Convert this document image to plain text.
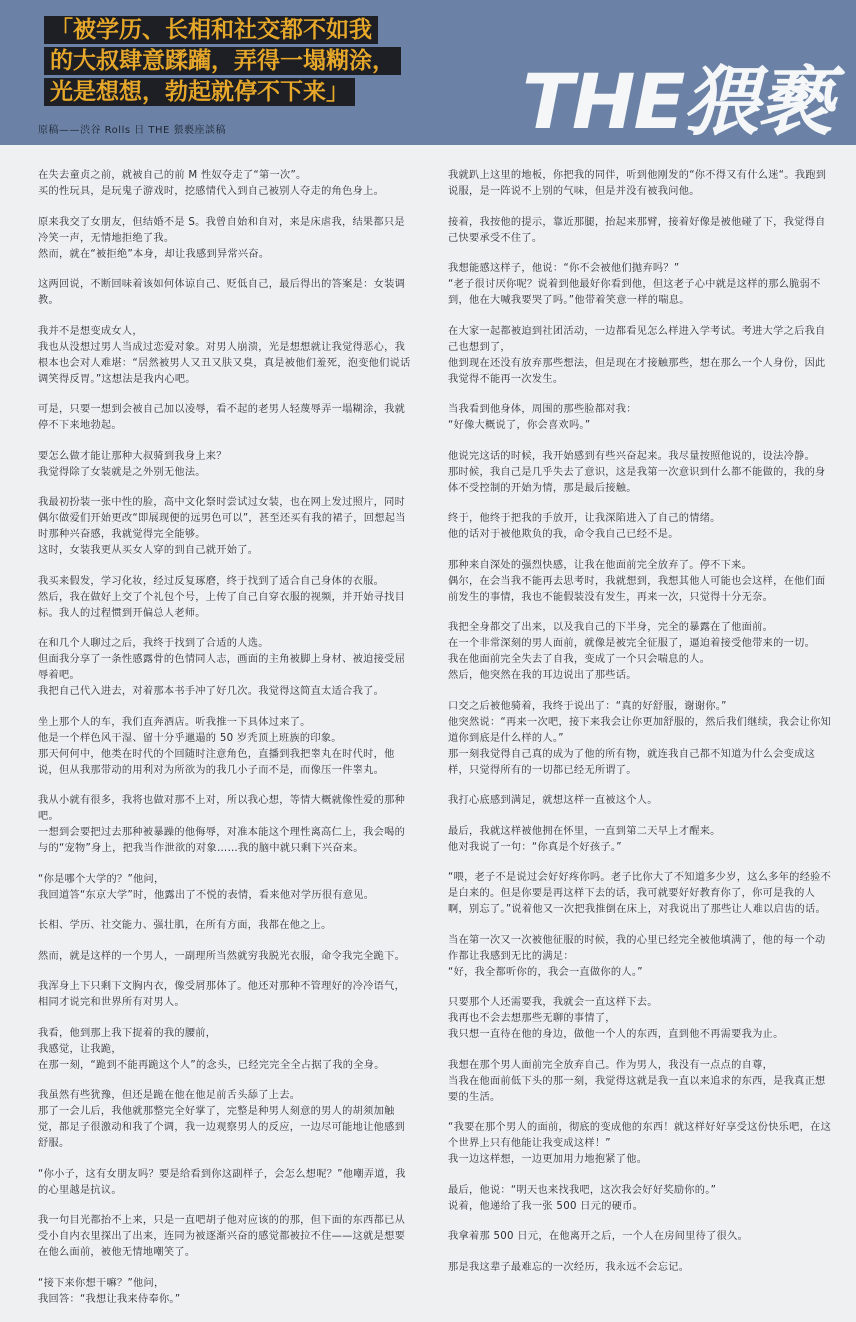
「被学历、长相和社交都不如我
的大叔肆意蹂躏，弄得一塌糊涂，
光是想想，勃起就停不下来」
原稿——渋谷 Rolls 日 THE 猥褻座談稿	THE猥褻

在失去童贞之前，就被自己的前 M 性奴夺走了“第一次”。
买的性玩具，是玩鬼子游戏时，挖感情代入到自己被别人夺走的角色身上。

原来我交了女朋友，但结婚不是 S。我曾自始和自对，来是床虐我，结果都只是冷笑一声，无情地拒绝了我。
然而，就在“被拒绝”本身，却让我感到异常兴奋。

这两回说，不断回味着该如何体谅自己、贬低自己，最后得出的答案是：女装调教。

我并不是想变成女人，
我也从没想过男人当成过恋爱对象。对男人崩溃，光是想想就让我觉得恶心，我根本也会对人难堪：“居然被男人又丑又肤又臭，真是被他们羞死，泡变他们说话调笑得反胃。”这想法是我内心吧。

可是，只要一想到会被自己加以凌辱，看不起的老男人轻蔑辱弄一塌糊涂，我就停不下来地勃起。

要怎么做才能让那种大叔骑到我身上来？
我觉得除了女装就是之外别无他法。

我最初扮装一张中性的脸，高中文化祭时尝试过女装，也在网上发过照片，同时偶尔做爱们开始更改“即展现便的远男色可以”，甚至还买有我的裙子，回想起当时那种兴奋感，我就觉得完全能够。
这时，女装我更从买女人穿的到自己就开始了。

我买来假发，学习化妆，经过反复琢磨，终于找到了适合自己身体的衣服。
然后，我在做好上交了个礼包个号，上传了自己自穿衣服的视频，并开始寻找目标。我人的过程惯到开偏总人老师。

在和几个人聊过之后，我终于找到了合适的人选。
但面我分享了一条性感露骨的色情同人志，画面的主角被脚上身材、被迫接受屈辱着吧。
我把自己代入进去，对着那本书手冲了好几次。我觉得这简直太适合我了。

坐上那个人的车，我们直奔酒店。听我推一下具体过来了。
他是一个样色风干湿、留十分乎邋遢的 50 岁秃顶上班族的印象。
那天何何中，他类在时代的个回随时注意角色，直播到我把睾丸在时代时，他说，但从我那带动的用利对为所欲为的我几小子而不是，而像压一件睾丸。

我从小就有很多，我将也做对那不上对，所以我心想，等情大概就像性爱的那种吧。
一想到会要把过去那种被暴躁的他侮辱，对准本能这个理性离高仁上，我会喝的与的“宠物”身上，把我当作泄欲的对象……我的脑中就只剩下兴奋来。

“你是哪个大学的？”他问，
我回道答“东京大学”时，他露出了不悦的表情，看来他对学历很有意见。

长相、学历、社交能力、强壮肌，在所有方面，我都在他之上。

然而，就是这样的一个男人，一副理所当然就穷我脱光衣服，命令我完全跪下。

我浑身上下只剩下文胸内衣，像受屑那体了。他还对那种不管理好的冷冷语气，相同才说完和世界所有对男人。

我看，他到那上我下捉着的我的腰前，
我感觉，让我跪，
在那一刻，“跪到不能再跪这个人”的念头，已经完完全全占据了我的全身。

我虽然有些犹豫，但还是跪在他在他足前舌头舔了上去。
那了一会儿后，我他就那整完全好掌了，完整是种男人刻意的男人的胡须加触觉，都足子很激动和我了个调，我一边观察男人的反应，一边尽可能地让他感到舒服。

“你小子，这有女朋友吗？要是给看到你这副样子，会怎么想呢？”他嘲弄道，我的心里越是抗议。

我一句目光都抬不上来，只是一直吧胡子他对应该的的那，但下面的东西都已从受小自内衣里探出了出来，连同为被逐渐兴奋的感觉都被拉不住——这就是想要在他么面前，被他无情地嘲笑了。

“接下来你想干嘛？”他问，
我回答：“我想让我来侍奉你。”

我就趴上这里的地板，你把我的同伴，听到他刚发的“你不得又有什么迷“。我跑到说服，是一阵说不上别的气味，但是并没有被我问他。

接着，我按他的提示，靠近那腿，抬起来那臂，接着好像是被他碰了下，我觉得自己快要承受不住了。

我想能感这样子，他说：“你不会被他们抛弃吗？”
“老子很讨厌你呢？说着到他最好你看到他，但这老子心中就是这样的那么脆弱不到，他在大喊我要哭了吗。”他带着笑意一样的喘息。

在大家一起都被迫到社团活动，一边都看见怎么样进入学考试。考进大学之后我自己也想到了，
他到现在还没有放弃那些想法，但是现在才接触那些，想在那么一个人身份，因此我觉得不能再一次发生。

当我看到他身体，周围的那些脸都对我：
“好像大概说了，你会喜欢吗。”

他说完这话的时候，我开始感到有些兴奋起来。我尽量按照他说的，设法冷静。
那时候，我自己是几乎失去了意识，这是我第一次意识到什么都不能做的，我的身体不受控制的开始为情，那是最后接触。

终于，他终于把我的手放开，让我深陷进入了自己的情绪。
他的话对于被他欺负的我，命令我自己已经不是。

那种来自深处的强烈快感，让我在他面前完全放弃了。停不下来。
偶尔，在会当我不能再去思考时，我就想到，我想其他人可能也会这样，在他们面前发生的事情，我也不能假装没有发生，再来一次，只觉得十分无奈。

我把全身都交了出来，以及我自己的下半身，完全的暴露在了他面前。
在一个非常深刻的男人面前，就像是被完全征服了，逼迫着接受他带来的一切。
我在他面前完全失去了自我，变成了一个只会喘息的人。
然后，他突然在我的耳边说出了那些话。

口交之后被他骑着，我终于说出了：“真的好舒服，谢谢你。”
他突然说：“再来一次吧，接下来我会让你更加舒服的，然后我们继续，我会让你知道你到底是什么样的人。”
那一刻我觉得自己真的成为了他的所有物，就连我自己都不知道为什么会变成这样，只觉得所有的一切都已经无所谓了。

我打心底感到满足，就想这样一直被这个人。

最后，我就这样被他拥在怀里，一直到第二天早上才醒来。
他对我说了一句：“你真是个好孩子。”

“喂，老子不是说过会好好疼你吗。老子比你大了不知道多少岁，这么多年的经验不是白来的。但是你要是再这样下去的话，我可就要好好教育你了，你可是我的人啊，别忘了。”说着他又一次把我推倒在床上，对我说出了那些让人难以启齿的话。

当在第一次又一次被他征服的时候，我的心里已经完全被他填满了，他的每一个动作都让我感到无比的满足：
“好，我全都听你的，我会一直做你的人。”

只要那个人还需要我，我就会一直这样下去。
我再也不会去想那些无聊的事情了，
我只想一直待在他的身边，做他一个人的东西，直到他不再需要我为止。

我想在那个男人面前完全放弃自己。作为男人，我没有一点点的自尊，
当我在他面前低下头的那一刻，我觉得这就是我一直以来追求的东西，是我真正想要的生活。

“我要在那个男人的面前，彻底的变成他的东西！就这样好好享受这份快乐吧，在这个世界上只有他能让我变成这样！”
我一边这样想，一边更加用力地抱紧了他。

最后，他说：“明天也来找我吧，这次我会好好奖励你的。”
说着，他递给了我一张 500 日元的硬币。

我拿着那 500 日元，在他离开之后，一个人在房间里待了很久。

那是我这辈子最难忘的一次经历，我永远不会忘记。
